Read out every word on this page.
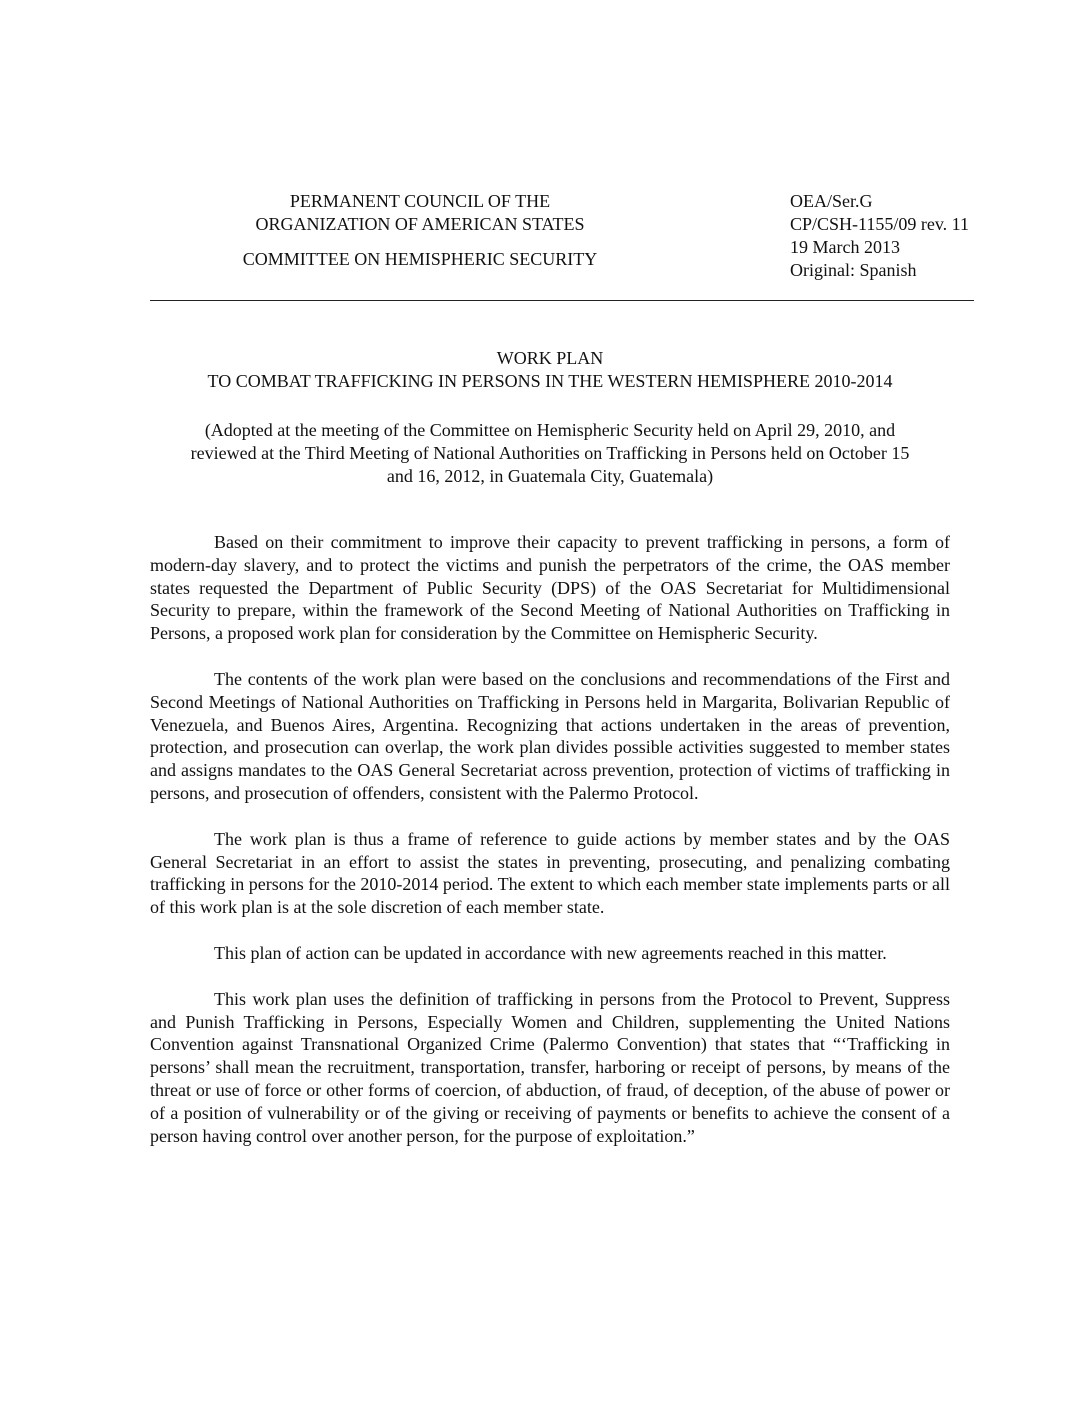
PERMANENT COUNCIL OF THE
ORGANIZATION OF AMERICAN STATES
COMMITTEE ON HEMISPHERIC SECURITY
OEA/Ser.G
CP/CSH-1155/09 rev. 11
19 March 2013
Original: Spanish
WORK PLAN
TO COMBAT TRAFFICKING IN PERSONS IN THE WESTERN HEMISPHERE 2010-2014
(Adopted at the meeting of the Committee on Hemispheric Security held on April 29, 2010, and
reviewed at the Third Meeting of National Authorities on Trafficking in Persons held on October 15
and 16, 2012, in Guatemala City, Guatemala)

Based on their commitment to improve their capacity to prevent trafficking in persons, a form of modern-day slavery, and to protect the victims and punish the perpetrators of the crime, the OAS member states requested the Department of Public Security (DPS) of the OAS Secretariat for Multidimensional Security to prepare, within the framework of the Second Meeting of National Authorities on Trafficking in Persons, a proposed work plan for consideration by the Committee on Hemispheric Security.

The contents of the work plan were based on the conclusions and recommendations of the First and Second Meetings of National Authorities on Trafficking in Persons held in Margarita, Bolivarian Republic of Venezuela, and Buenos Aires, Argentina. Recognizing that actions undertaken in the areas of prevention, protection, and prosecution can overlap, the work plan divides possible activities suggested to member states and assigns mandates to the OAS General Secretariat across prevention, protection of victims of trafficking in persons, and prosecution of offenders, consistent with the Palermo Protocol.

The work plan is thus a frame of reference to guide actions by member states and by the OAS General Secretariat in an effort to assist the states in preventing, prosecuting, and penalizing combating trafficking in persons for the 2010-2014 period. The extent to which each member state implements parts or all of this work plan is at the sole discretion of each member state.

This plan of action can be updated in accordance with new agreements reached in this matter.

This work plan uses the definition of trafficking in persons from the Protocol to Prevent, Suppress and Punish Trafficking in Persons, Especially Women and Children, supplementing the United Nations Convention against Transnational Organized Crime (Palermo Convention) that states that “‘Trafficking in persons’ shall mean the recruitment, transportation, transfer, harboring or receipt of persons, by means of the threat or use of force or other forms of coercion, of abduction, of fraud, of deception, of the abuse of power or of a position of vulnerability or of the giving or receiving of payments or benefits to achieve the consent of a person having control over another person, for the purpose of exploitation.”
